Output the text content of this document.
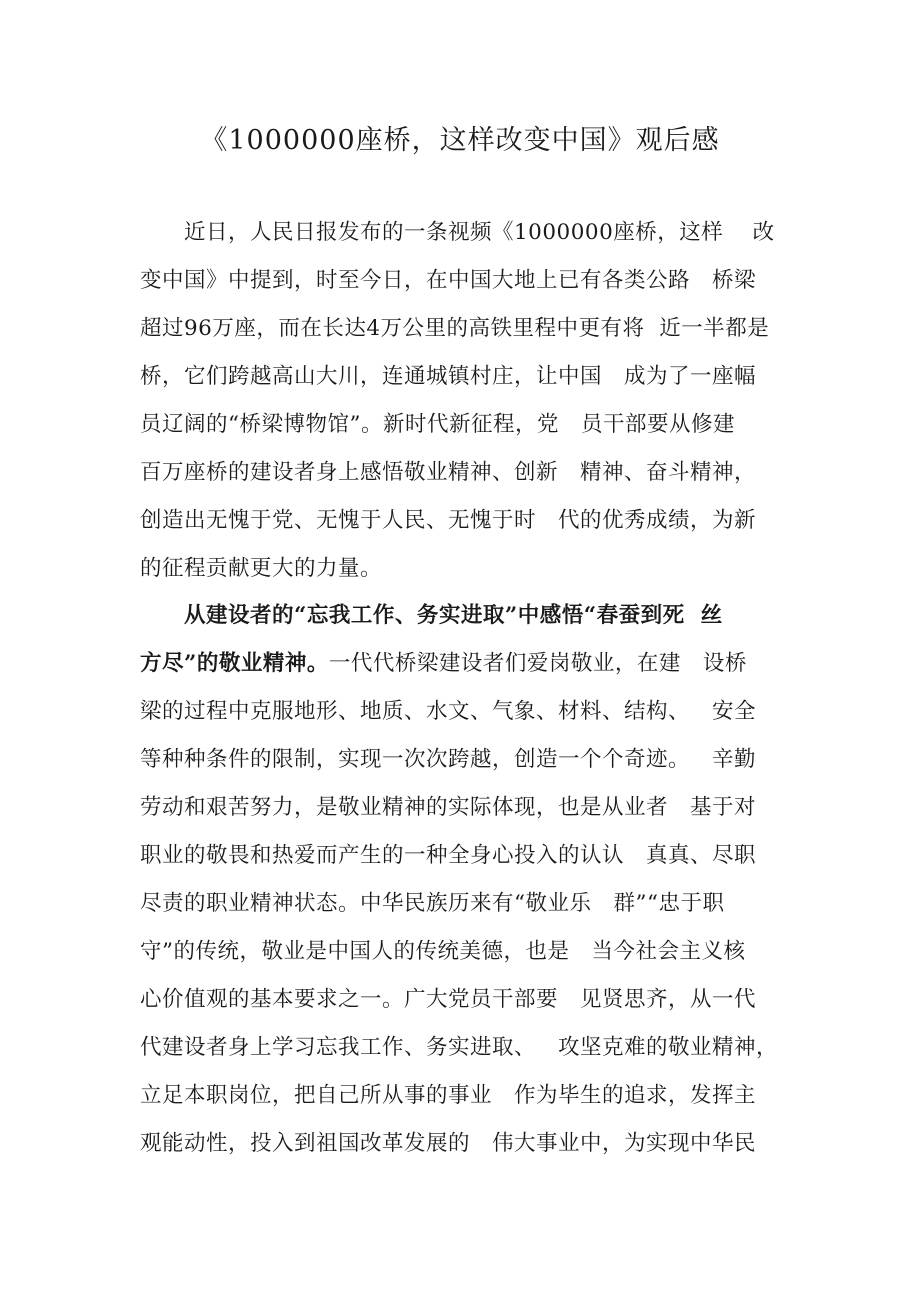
《1000000座桥，这样改变中国》观后感
近日，人民日报发布的一条视频《1000000座桥，这样    改
变中国》中提到，时至今日，在中国大地上已有各类公路   桥梁
超过96万座，而在长达4万公里的高铁里程中更有将  近一半都是
桥，它们跨越高山大川，连通城镇村庄，让中国   成为了一座幅
员辽阔的“桥梁博物馆”。新时代新征程，党   员干部要从修建
百万座桥的建设者身上感悟敬业精神、创新   精神、奋斗精神，
创造出无愧于党、无愧于人民、无愧于时   代的优秀成绩，为新
的征程贡献更大的力量。
从建设者的“忘我工作、务实进取”中感悟“春蚕到死  丝
方尽”的敬业精神。一代代桥梁建设者们爱岗敬业，在建   设桥
梁的过程中克服地形、地质、水文、气象、材料、结构、   安全
等种种条件的限制，实现一次次跨越，创造一个个奇迹。   辛勤
劳动和艰苦努力，是敬业精神的实际体现，也是从业者   基于对
职业的敬畏和热爱而产生的一种全身心投入的认认   真真、尽职
尽责的职业精神状态。中华民族历来有“敬业乐   群”“忠于职
守”的传统，敬业是中国人的传统美德，也是   当今社会主义核
心价值观的基本要求之一。广大党员干部要   见贤思齐，从一代
代建设者身上学习忘我工作、务实进取、   攻坚克难的敬业精神，
立足本职岗位，把自己所从事的事业   作为毕生的追求，发挥主
观能动性，投入到祖国改革发展的   伟大事业中，为实现中华民
